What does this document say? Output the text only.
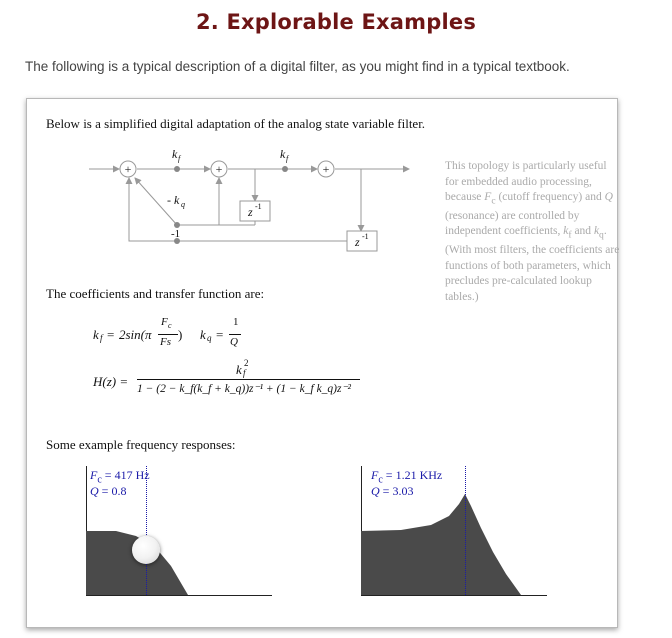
2. Explorable Examples
The following is a typical description of a digital filter, as you might find in a typical textbook.
Below is a simplified digital adaptation of the analog state variable filter.
+	+	+
z -1
z -1
k f	k f
- k q
-1
This topology is particularly useful for embedded audio processing, because $F_c$ (cutoff frequency) and Q (resonance) are controlled by independent coefficients, $k_f$ and $k_q$. (With most filters, the coefficients are functions of both parameters, which precludes pre-calculated lookup tables.)
The coefficients and transfer function are:
k f = 2sin(π
F c
Fs ) k q =
1
Q
H(z) =
k f
2
1 − (2 − k_f(k_f + k_q))z⁻¹ + (1 − k_f k_q)z⁻²
Some example frequency responses:
$F_c = 417$ Hz
Q = 0.8
$F_c = 1.21$ KHz
Q = 3.03
